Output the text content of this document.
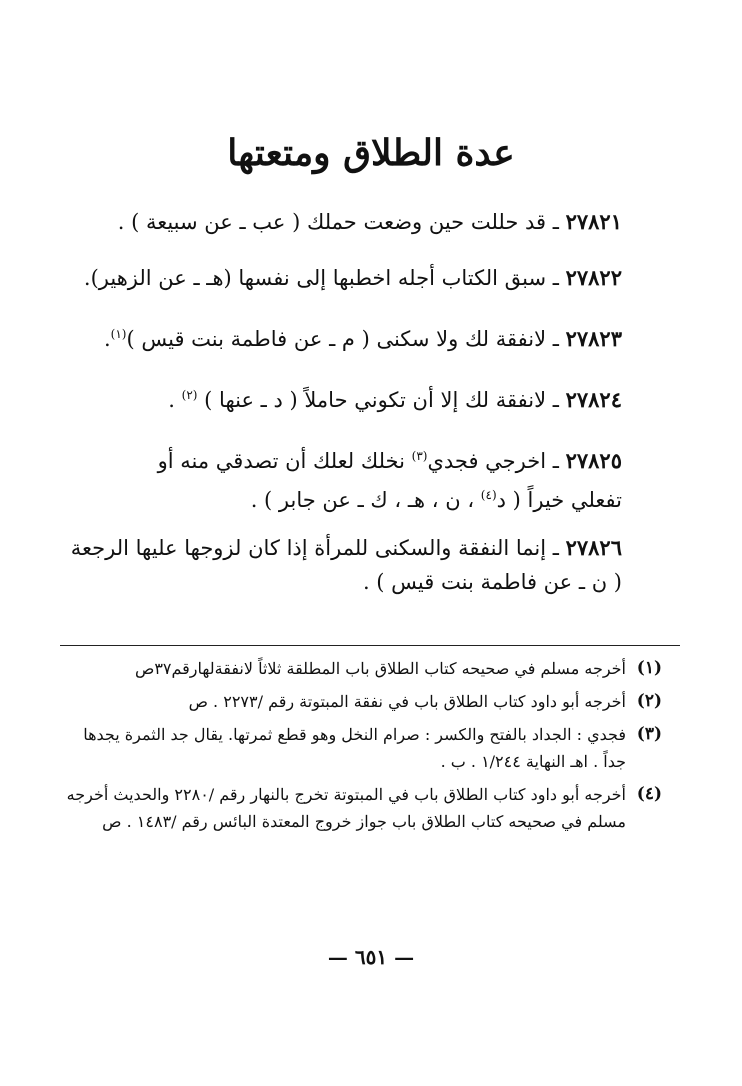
عدة الطلاق ومتعتها
٢٧٨٢١ ـ قد حللت حين وضعت حملك ( عب ـ عن سبيعة ) .
٢٧٨٢٢ ـ سبق الكتاب أجله اخطبها إلى نفسها (هـ ـ عن الزهير).
٢٧٨٢٣ ـ لانفقة لك ولا سكنى ( م ـ عن فاطمة بنت قيس )$^{(١)}$.
٢٧٨٢٤ ـ لانفقة لك إلا أن تكوني حاملاً ( د ـ عنها ) $^{(٢)}$ .
٢٧٨٢٥ ـ اخرجي فجدي$^{(٣)}$ نخلك لعلك أن تصدقي منه أو
تفعلي خيراً ( د$^{(٤)}$ ، ن ، هـ ، ك ـ عن جابر ) .
٢٧٨٢٦ ـ إنما النفقة والسكنى للمرأة إذا كان لزوجها عليها الرجعة
( ن ـ عن فاطمة بنت قيس ) .
(١)
أخرجه مسلم في صحيحه كتاب الطلاق باب المطلقة ثلاثاً لانفقةلهارقم٣٧ص
(٢)
أخرجه أبو داود كتاب الطلاق باب في نفقة المبتوتة رقم /٢٢٧٣ . ص
(٣)
فجدي : الجداد بالفتح والكسر : صرام النخل وهو قطع ثمرتها. يقال جد الثمرة يجدها جداً . اهـ النهاية ١/٢٤٤ . ب .
(٤)
أخرجه أبو داود كتاب الطلاق باب في المبتوتة تخرج بالنهار رقم /٢٢٨٠ والحديث أخرجه مسلم في صحيحه كتاب الطلاق باب جواز خروج المعتدة البائس رقم /١٤٨٣ . ص
— ٦٥١ —
